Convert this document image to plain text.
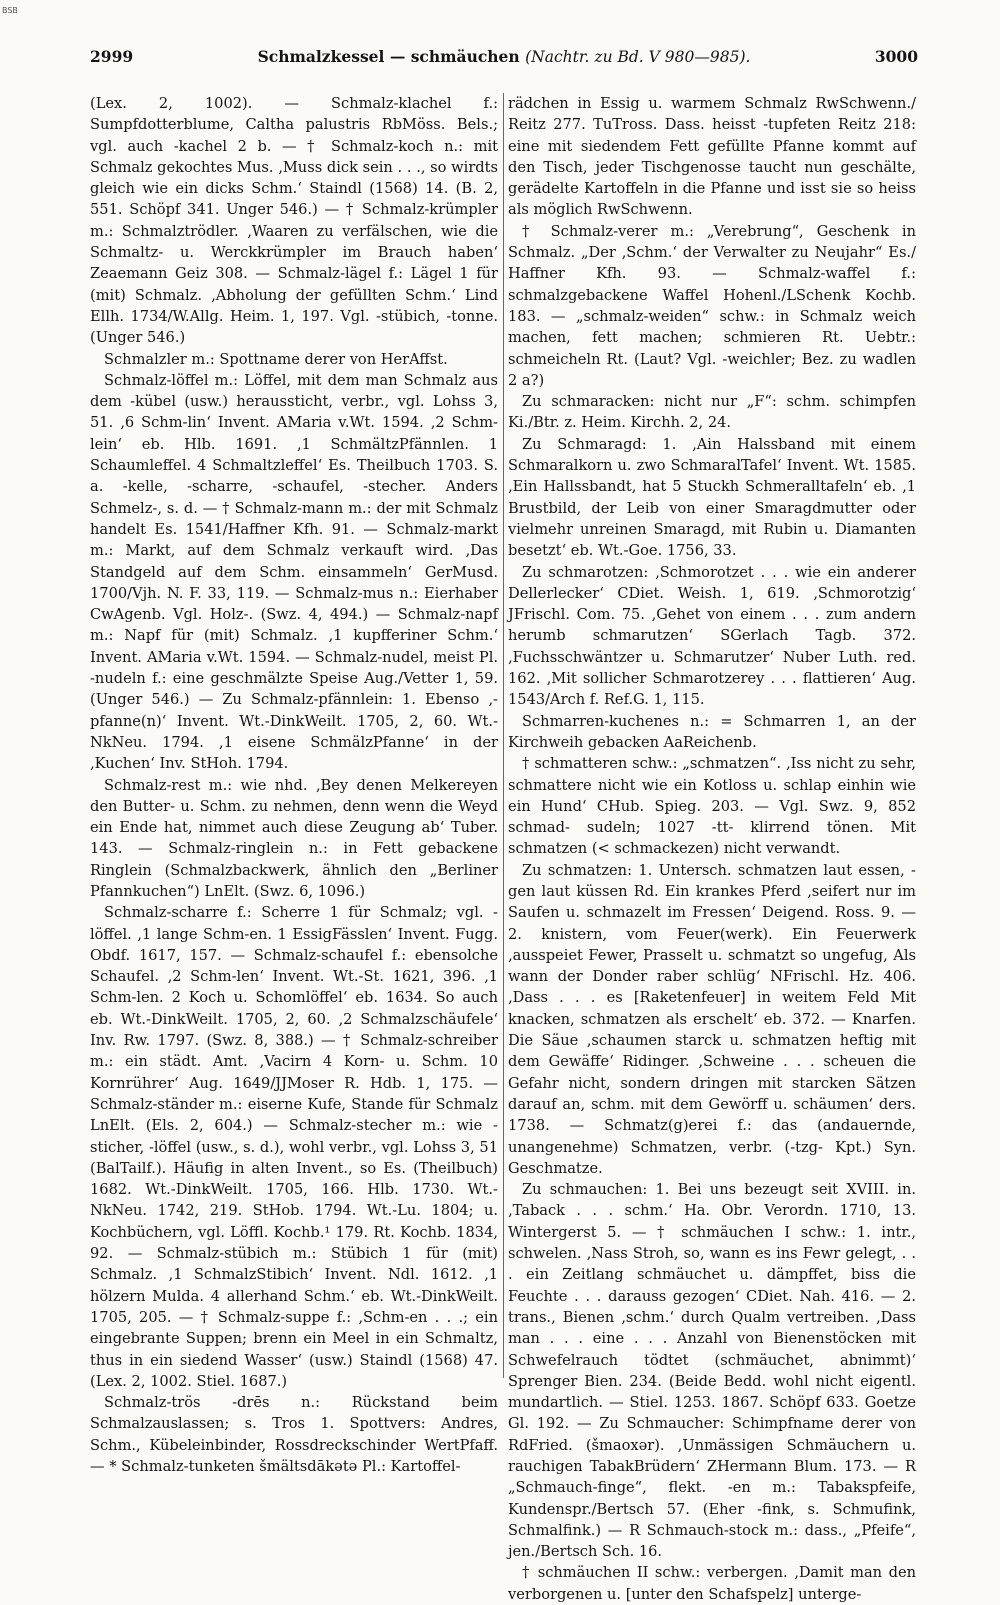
BSB
2999	Schmalzkessel — schmäuchen (Nachtr. zu Bd. V 980—985).	3000

(Lex. 2, 1002). — Schmalz-klachel f.: Sumpfdotterblume, Caltha palustris RbMöss. Bels.; vgl. auch -kachel 2 b. — † Schmalz-koch n.: mit Schmalz gekochtes Mus. ‚Muss dick sein . . ., so wirdts gleich wie ein dicks Schm.‘ Staindl (1568) 14. (B. 2, 551. Schöpf 341. Unger 546.) — † Schmalz-krümpler m.: Schmalztrödler. ‚Waaren zu verfälschen, wie die Schmaltz- u. Werckkrümpler im Brauch haben‘ Zeaemann Geiz 308. — Schmalz-lägel f.: Lägel 1 für (mit) Schmalz. ‚Abholung der gefüllten Schm.‘ Lind Ellh. 1734/W.Allg. Heim. 1, 197. Vgl. -stübich, -tonne. (Unger 546.)

Schmalzler m.: Spottname derer von HerAffst.

Schmalz-löffel m.: Löffel, mit dem man Schmalz aus dem -kübel (usw.) heraussticht, verbr., vgl. Lohss 3, 51. ‚6 Schm-lin‘ Invent. AMaria v.Wt. 1594. ‚2 Schm-lein‘ eb. Hlb. 1691. ‚1 SchmältzPfännlen. 1 Schaumleffel. 4 Schmaltzleffel‘ Es. Theilbuch 1703. S. a. -kelle, -scharre, -schaufel, -stecher. Anders Schmelz-, s. d. — † Schmalz-mann m.: der mit Schmalz handelt Es. 1541/Haffner Kfh. 91. — Schmalz-markt m.: Markt, auf dem Schmalz verkauft wird. ‚Das Standgeld auf dem Schm. einsammeln‘ GerMusd. 1700/Vjh. N. F. 33, 119. — Schmalz-mus n.: Eierhaber CwAgenb. Vgl. Holz-. (Swz. 4, 494.) — Schmalz-napf m.: Napf für (mit) Schmalz. ‚1 kupfferiner Schm.‘ Invent. AMaria v.Wt. 1594. — Schmalz-nudel, meist Pl. -nudeln f.: eine geschmälzte Speise Aug./Vetter 1, 59. (Unger 546.) — Zu Schmalz-pfännlein: 1. Ebenso ‚-pfanne(n)‘ Invent. Wt.-DinkWeilt. 1705, 2, 60. Wt.-NkNeu. 1794. ‚1 eisene SchmälzPfanne‘ in der ‚Kuchen‘ Inv. StHoh. 1794.

Schmalz-rest m.: wie nhd. ‚Bey denen Melkereyen den Butter- u. Schm. zu nehmen, denn wenn die Weyd ein Ende hat, nimmet auch diese Zeugung ab‘ Tuber. 143. — Schmalz-ringlein n.: in Fett gebackene Ringlein (Schmalzbackwerk, ähnlich den „Berliner Pfannkuchen“) LnElt. (Swz. 6, 1096.)

Schmalz-scharre f.: Scherre 1 für Schmalz; vgl. -löffel. ‚1 lange Schm-en. 1 EssigFässlen‘ Invent. Fugg. Obdf. 1617, 157. — Schmalz-schaufel f.: ebensolche Schaufel. ‚2 Schm-len‘ Invent. Wt.-St. 1621, 396. ‚1 Schm-len. 2 Koch u. Schomlöffel‘ eb. 1634. So auch eb. Wt.-DinkWeilt. 1705, 2, 60. ‚2 Schmalzschäufele‘ Inv. Rw. 1797. (Swz. 8, 388.) — † Schmalz-schreiber m.: ein städt. Amt. ‚Vacirn 4 Korn- u. Schm. 10 Kornrührer‘ Aug. 1649/JJMoser R. Hdb. 1, 175. — Schmalz-ständer m.: eiserne Kufe, Stande für Schmalz LnElt. (Els. 2, 604.) — Schmalz-stecher m.: wie -sticher, -löffel (usw., s. d.), wohl verbr., vgl. Lohss 3, 51 (BalTailf.). Häufig in alten Invent., so Es. (Theilbuch) 1682. Wt.-DinkWeilt. 1705, 166. Hlb. 1730. Wt.-NkNeu. 1742, 219. StHob. 1794. Wt.-Lu. 1804; u. Kochbüchern, vgl. Löffl. Kochb.¹ 179. Rt. Kochb. 1834, 92. — Schmalz-stübich m.: Stübich 1 für (mit) Schmalz. ‚1 SchmalzStibich‘ Invent. Ndl. 1612. ‚1 hölzern Mulda. 4 allerhand Schm.‘ eb. Wt.-DinkWeilt. 1705, 205. — † Schmalz-suppe f.: ‚Schm-en . . .; ein eingebrante Suppen; brenn ein Meel in ein Schmaltz, thus in ein siedend Wasser‘ (usw.) Staindl (1568) 47. (Lex. 2, 1002. Stiel. 1687.)

Schmalz-trös -drēs n.: Rückstand beim Schmalzauslassen; s. Tros 1. Spottvers: Andres, Schm., Kübeleinbinder, Rossdreckschinder WertPfaff. — * Schmalz-tunketen šmältsdākətə Pl.: Kartoffel-

rädchen in Essig u. warmem Schmalz RwSchwenn./ Reitz 277. TuTross. Dass. heisst -tupfeten Reitz 218: eine mit siedendem Fett gefüllte Pfanne kommt auf den Tisch, jeder Tischgenosse taucht nun geschälte, gerädelte Kartoffeln in die Pfanne und isst sie so heiss als möglich RwSchwenn.

† Schmalz-verer m.: „Verebrung“, Geschenk in Schmalz. „Der ‚Schm.‘ der Verwalter zu Neujahr“ Es./ Haffner Kfh. 93. — Schmalz-waffel f.: schmalzgebackene Waffel Hohenl./LSchenk Kochb. 183. — „schmalz-weiden“ schw.: in Schmalz weich machen, fett machen; schmieren Rt. Uebtr.: schmeicheln Rt. (Laut? Vgl. -weichler; Bez. zu wadlen 2 a?)

Zu schmaracken: nicht nur „F“: schm. schimpfen Ki./Btr. z. Heim. Kirchh. 2, 24.

Zu Schmaragd: 1. ‚Ain Halssband mit einem Schmaralkorn u. zwo SchmaralTafel‘ Invent. Wt. 1585. ‚Ein Hallssbandt, hat 5 Stuckh Schmeralltafeln‘ eb. ‚1 Brustbild, der Leib von einer Smaragdmutter oder vielmehr unreinen Smaragd, mit Rubin u. Diamanten besetzt‘ eb. Wt.-Goe. 1756, 33.

Zu schmarotzen: ‚Schmorotzet . . . wie ein anderer Dellerlecker‘ CDiet. Weish. 1, 619. ‚Schmorotzig‘ JFrischl. Com. 75. ‚Gehet von einem . . . zum andern herumb schmarutzen‘ SGerlach Tagb. 372. ‚Fuchsschwäntzer u. Schmarutzer‘ Nuber Luth. red. 162. ‚Mit sollicher Schmarotzerey . . . flattieren‘ Aug. 1543/Arch f. Ref.G. 1, 115.

Schmarren-kuchenes n.: = Schmarren 1, an der Kirchweih gebacken AaReichenb.

† schmatteren schw.: „schmatzen“. ‚Iss nicht zu sehr, schmattere nicht wie ein Kotloss u. schlap einhin wie ein Hund‘ CHub. Spieg. 203. — Vgl. Swz. 9, 852 schmad- sudeln; 1027 -tt- klirrend tönen. Mit schmatzen (< schmackezen) nicht verwandt.

Zu schmatzen: 1. Untersch. schmatzen laut essen, -gen laut küssen Rd. Ein krankes Pferd ‚seifert nur im Saufen u. schmazelt im Fressen‘ Deigend. Ross. 9. — 2. knistern, vom Feuer(werk). Ein Feuerwerk ‚ausspeiet Fewer, Prasselt u. schmatzt so ungefug, Als wann der Donder raber schlüg‘ NFrischl. Hz. 406. ‚Dass . . . es [Raketenfeuer] in weitem Feld Mit knacken, schmatzen als erschelt‘ eb. 372. — Knarfen. Die Säue ‚schaumen starck u. schmatzen heftig mit dem Gewäffe‘ Ridinger. ‚Schweine . . . scheuen die Gefahr nicht, sondern dringen mit starcken Sätzen darauf an, schm. mit dem Gewörff u. schäumen‘ ders. 1738. — Schmatz(g)erei f.: das (andauernde, unangenehme) Schmatzen, verbr. (-tzg- Kpt.) Syn. Geschmatze.

Zu schmauchen: 1. Bei uns bezeugt seit XVIII. in. ‚Taback . . . schm.‘ Ha. Obr. Verordn. 1710, 13. Wintergerst 5. — † schmäuchen I schw.: 1. intr., schwelen. ‚Nass Stroh, so, wann es ins Fewr gelegt, . . . ein Zeitlang schmäuchet u. dämpffet, biss die Feuchte . . . darauss gezogen‘ CDiet. Nah. 416. — 2. trans., Bienen ‚schm.‘ durch Qualm vertreiben. ‚Dass man . . . eine . . . Anzahl von Bienenstöcken mit Schwefelrauch tödtet (schmäuchet, abnimmt)‘ Sprenger Bien. 234. (Beide Bedd. wohl nicht eigentl. mundartlich. — Stiel. 1253. 1867. Schöpf 633. Goetze Gl. 192. — Zu Schmaucher: Schimpfname derer von RdFried. (šmaoxər). ‚Unmässigen Schmäuchern u. rauchigen TabakBrüdern‘ ZHermann Blum. 173. — R „Schmauch-finge“, flekt. -en m.: Tabakspfeife, Kundenspr./Bertsch 57. (Eher -fink, s. Schmufink, Schmalfink.) — R Schmauch-stock m.: dass., „Pfeife“, jen./Bertsch Sch. 16.

† schmäuchen II schw.: verbergen. ‚Damit man den verborgenen u. [unter den Schafspelz] unterge-
